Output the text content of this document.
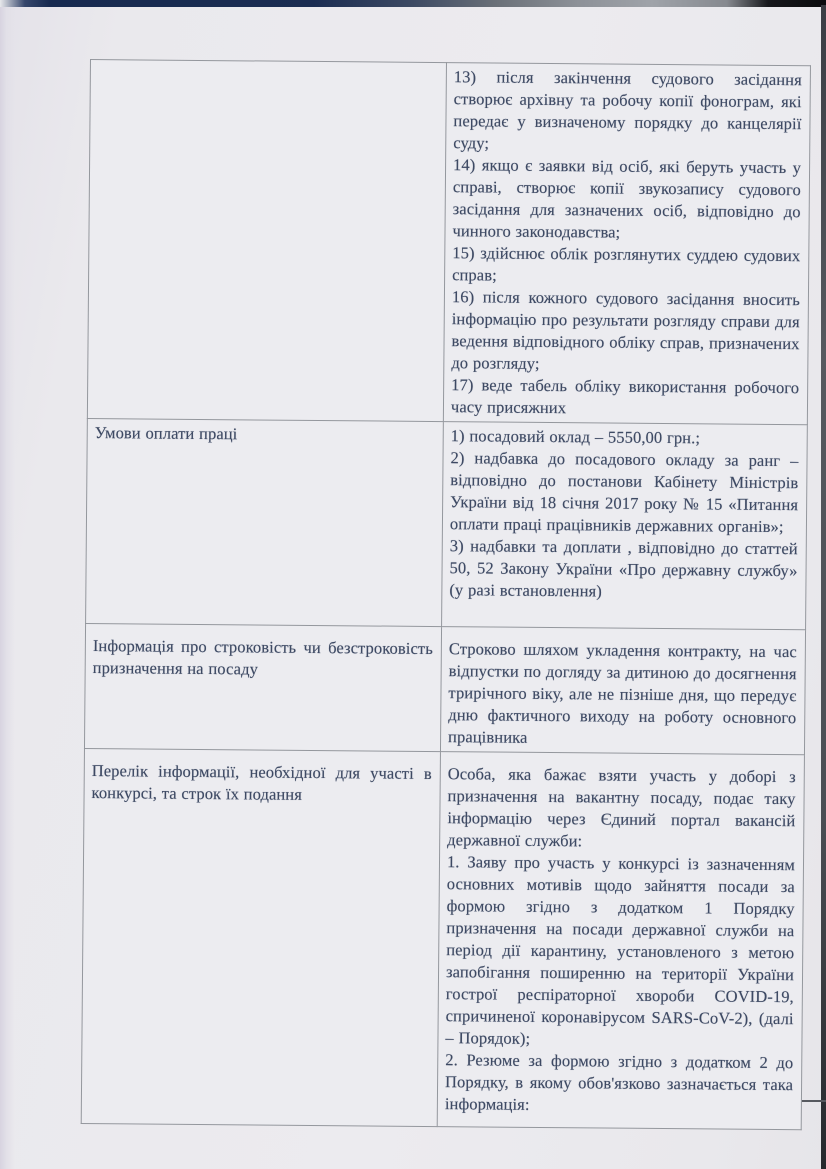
	13) після закінчення судового засідання створює архівну та робочу копії фонограм, які передає у визначеному порядку до канцелярії суду;

14) якщо є заявки від осіб, які беруть участь у справі, створює копії звукозапису судового засідання для зазначених осіб, відповідно до чинного законодавства;

15) здійснює облік розглянутих суддею судових справ;

16) після кожного судового засідання вносить інформацію про результати розгляду справи для ведення відповідного обліку справ, призначених до розгляду;

17) веде табель обліку використання робочого часу присяжних

Умови оплати праці	1) посадовий оклад – 5550,00 грн.;

2) надбавка до посадового окладу за ранг – відповідно до постанови Кабінету Міністрів України від 18 січня 2017 року № 15 «Питання оплати праці працівників державних органів»;

3) надбавки та доплати , відповідно до статтей 50, 52 Закону України «Про державну службу» (у разі встановлення)

Інформація про строковість чи безстроковість призначення на посаду	Строково шляхом укладення контракту, на час відпустки по догляду за дитиною до досягнення трирічного віку, але не пізніше дня, що передує дню фактичного виходу на роботу основного працівника

Перелік інформації, необхідної для участі в конкурсі, та строк їх подання	Особа, яка бажає взяти участь у доборі з призначення на вакантну посаду, подає таку інформацію через Єдиний портал вакансій державної служби:

1. Заяву про участь у конкурсі із зазначенням основних мотивів щодо зайняття посади за формою згідно з додатком 1 Порядку призначення на посади державної служби на період дії карантину, установленого з метою запобігання поширенню на території України гострої респіраторної хвороби COVID-19, спричиненої коронавірусом SARS-CoV-2), (далі – Порядок);

2. Резюме за формою згідно з додатком 2 до Порядку, в якому обов'язково зазначається така інформація:
